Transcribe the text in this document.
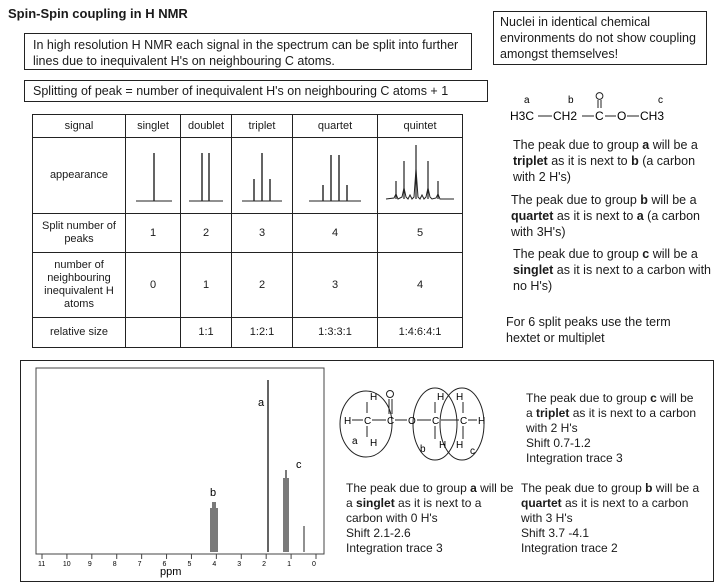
Spin-Spin coupling in H NMR
In high resolution H NMR each signal in the spectrum can be split into further lines due to inequivalent H's on neighbouring C atoms.
Splitting of peak = number of inequivalent H's on neighbouring C atoms + 1
Nuclei in identical chemical environments do not show coupling amongst themselves!
signal	singlet	doublet	triplet	quartet	quintet
appearance					
Split number of peaks	1	2	3	4	5
number of neighbouring inequivalent H atoms	0	1	2	3	4
relative size		1:1	1:2:1	1:3:3:1	1:4:6:4:1
a	b	c
H3C CH2 C O CH3
The peak due to group a will be a triplet as it is next to b (a carbon with 2 H's)
The peak due to group b will be a quartet as it is next to a (a carbon with 3H's)
The peak due to group c will be a singlet as it is next to a carbon with no H's)
For 6 split peaks use the term hextet or multiplet
a
b
c
11	10 9	8	7	6	5	4	3	2	1	0
ppm
H
H C
H
C O C C H
H H
H H
a
b	c
The peak due to group a will be a singlet as it is next to a carbon with 0 H's
Shift 2.1-2.6
Integration trace 3
The peak due to group c will be a triplet as it is next to a carbon with 2 H's
Shift 0.7-1.2
Integration trace 3
The peak due to group b will be a quartet as it is next to a carbon with 3 H's
Shift 3.7 -4.1
Integration trace 2
